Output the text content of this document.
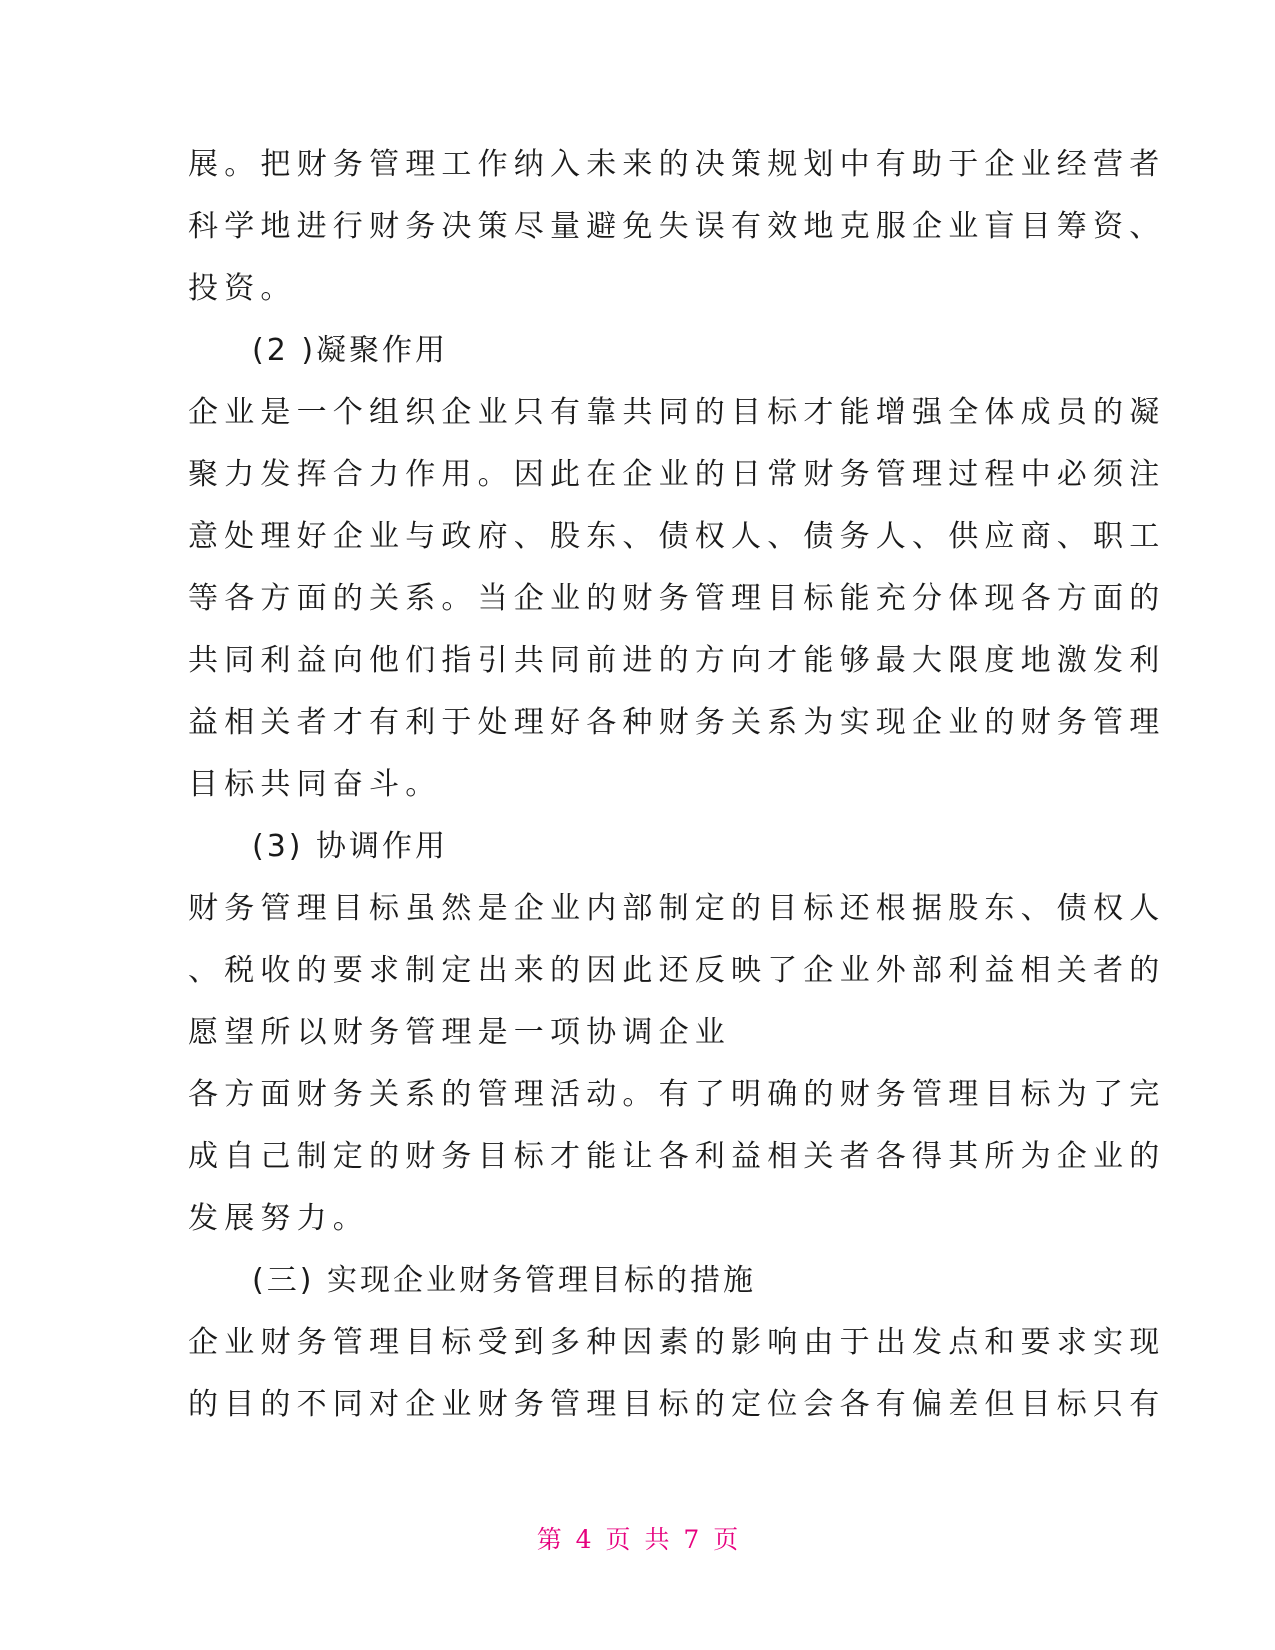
展。把财务管理工作纳入未来的决策规划中有助于企业经营者
科学地进行财务决策尽量避免失误有效地克服企业盲目筹资、
投资。
(2 )凝聚作用
企业是一个组织企业只有靠共同的目标才能增强全体成员的凝
聚力发挥合力作用。因此在企业的日常财务管理过程中必须注
意处理好企业与政府、股东、债权人、债务人、供应商、职工
等各方面的关系。当企业的财务管理目标能充分体现各方面的
共同利益向他们指引共同前进的方向才能够最大限度地激发利
益相关者才有利于处理好各种财务关系为实现企业的财务管理
目标共同奋斗。
(3) 协调作用
财务管理目标虽然是企业内部制定的目标还根据股东、债权人
、税收的要求制定出来的因此还反映了企业外部利益相关者的
愿望所以财务管理是一项协调企业
各方面财务关系的管理活动。有了明确的财务管理目标为了完
成自己制定的财务目标才能让各利益相关者各得其所为企业的
发展努力。
(三) 实现企业财务管理目标的措施
企业财务管理目标受到多种因素的影响由于出发点和要求实现
的目的不同对企业财务管理目标的定位会各有偏差但目标只有
第 4 页 共 7 页
